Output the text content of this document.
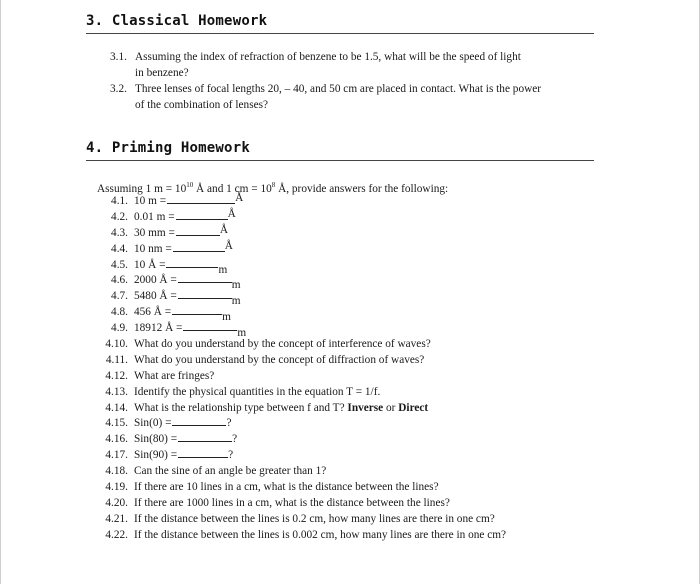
3. Classical Homework
3.1. Assuming the index of refraction of benzene to be 1.5, what will be the speed of light
in benzene?
3.2. Three lenses of focal lengths 20, – 40, and 50 cm are placed in contact. What is the power
of the combination of lenses?
4. Priming Homework
Assuming 1 $m = 10^{10}$ Å and 1 cm = $10^8$ Å, provide answers for the following:
4.1. 10 m =	Å
4.2. 0.01 m =	Å
4.3. 30 mm =	Å
4.4. 10 nm =	Å
4.5. 10 Å =	m
4.6. 2000 Å =	m
4.7. 5480 Å =	m
4.8. 456 Å =	m
4.9. 18912 Å =	m
4.10. What do you understand by the concept of interference of waves?
4.11. What do you understand by the concept of diffraction of waves?
4.12. What are fringes?
4.13. Identify the physical quantities in the equation T = 1/f.
4.14. What is the relationship type between f and T? Inverse or Direct
4.15. Sin(0) =	?
4.16. Sin(80) =	?
4.17. Sin(90) =	?
4.18. Can the sine of an angle be greater than 1?
4.19. If there are 10 lines in a cm, what is the distance between the lines?
4.20. If there are 1000 lines in a cm, what is the distance between the lines?
4.21. If the distance between the lines is 0.2 cm, how many lines are there in one cm?
4.22. If the distance between the lines is 0.002 cm, how many lines are there in one cm?
